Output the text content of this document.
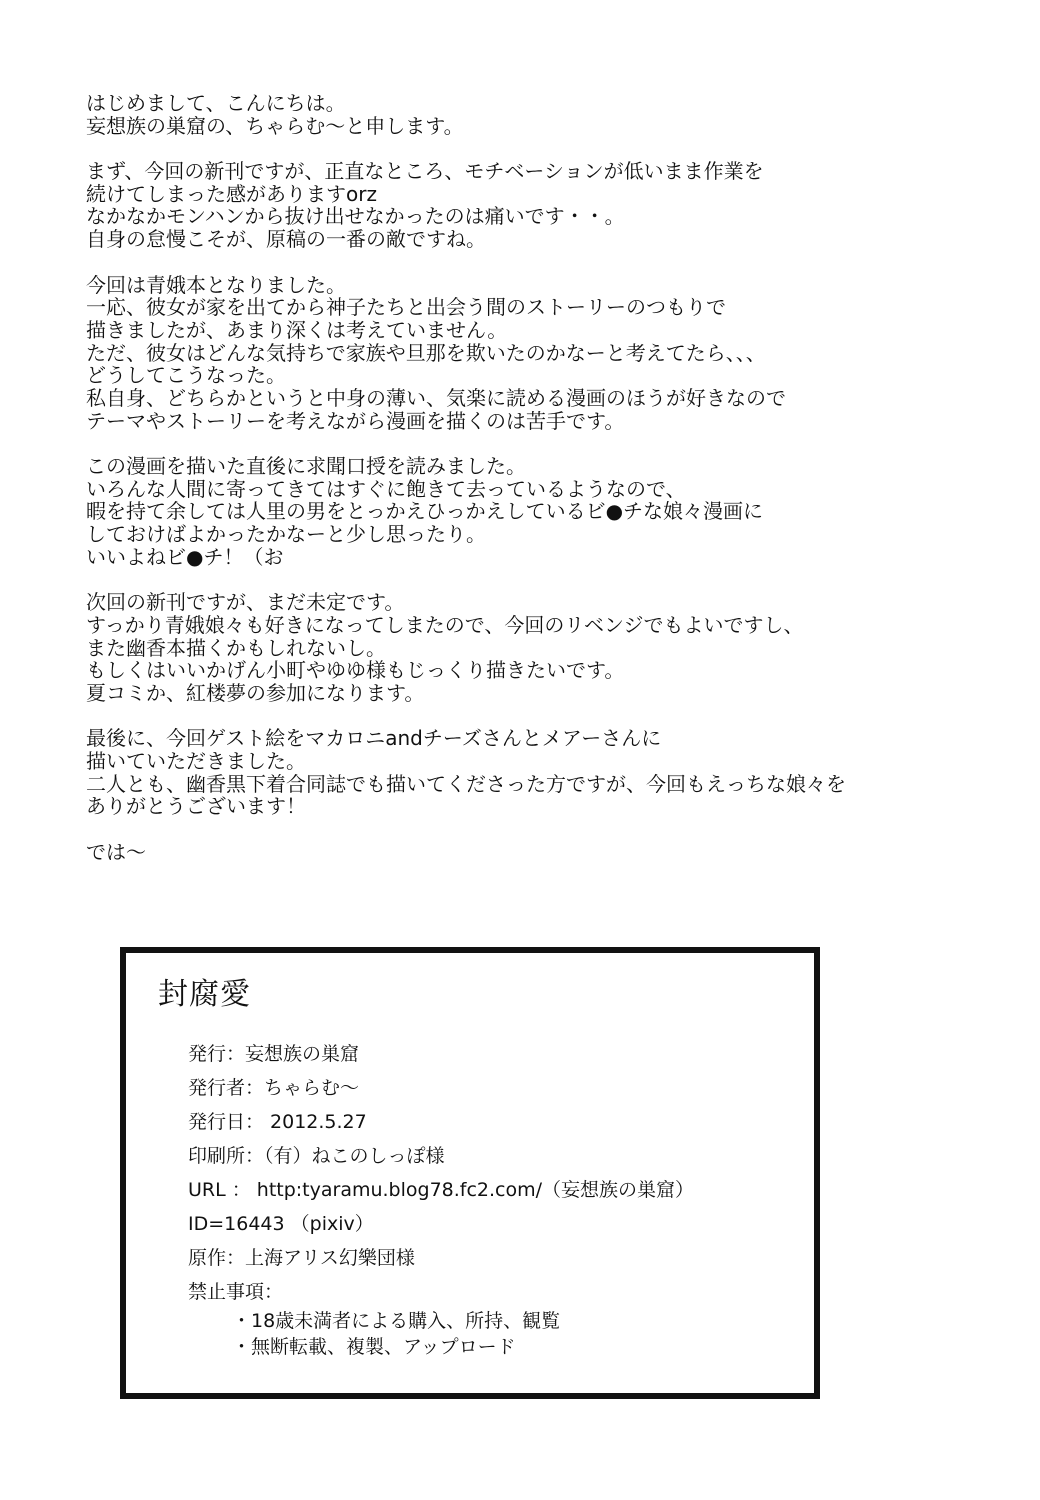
はじめまして、こんにちは。
妄想族の巣窟の、ちゃらむ〜と申します。
まず、今回の新刊ですが、正直なところ、モチベーションが低いまま作業を
続けてしまった感がありますorz
なかなかモンハンから抜け出せなかったのは痛いです・・。
自身の怠慢こそが、原稿の一番の敵ですね。
今回は青娥本となりました。
一応、彼女が家を出てから神子たちと出会う間のストーリーのつもりで
描きましたが、あまり深くは考えていません。
ただ、彼女はどんな気持ちで家族や旦那を欺いたのかなーと考えてたら、、、
どうしてこうなった。
私自身、どちらかというと中身の薄い、気楽に読める漫画のほうが好きなので
テーマやストーリーを考えながら漫画を描くのは苦手です。
この漫画を描いた直後に求聞口授を読みました。
いろんな人間に寄ってきてはすぐに飽きて去っているようなので、
暇を持て余しては人里の男をとっかえひっかえしているビ●チな娘々漫画に
しておけばよかったかなーと少し思ったり。
いいよねビ●チ！（お
次回の新刊ですが、まだ未定です。
すっかり青娥娘々も好きになってしまたので、今回のリベンジでもよいですし、
また幽香本描くかもしれないし。
もしくはいいかげん小町やゆゆ様もじっくり描きたいです。
夏コミか、紅楼夢の参加になります。
最後に、今回ゲスト絵をマカロニandチーズさんとメアーさんに
描いていただきました。
二人とも、幽香黒下着合同誌でも描いてくださった方ですが、今回もえっちな娘々を
ありがとうございます！
では〜
封腐愛
発行：妄想族の巣窟
発行者：ちゃらむ〜
発行日： 2012.5.27
印刷所：（有）ねこのしっぽ様
URL ： http:tyaramu.blog78.fc2.com/（妄想族の巣窟）
ID=16443 （pixiv）
原作：上海アリス幻樂団様
禁止事項：
・18歳未満者による購入、所持、観覧
・無断転載、複製、アップロード
